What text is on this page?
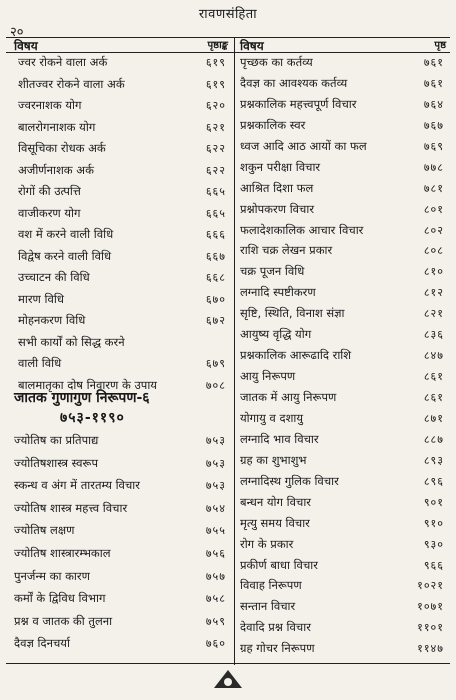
रावणसंहिता
२०
विषय	पृष्ठाङ्क
ज्वर रोकने वाला अर्क	६१९
शीतज्वर रोकने वाला अर्क	६१९
ज्वरनाशक योग	६२०
बालरोगनाशक योग	६२१
विसूचिका रोधक अर्क	६२२
अजीर्णनाशक अर्क	६२२
रोगों की उत्पत्ति	६६५
वाजीकरण योग	६६५
वश में करने वाली विधि	६६६
विद्वेष करने वाली विधि	६६७
उच्चाटन की विधि	६६८
मारण विधि	६७०
मोहनकरण विधि	६७२
सभी कार्यों को सिद्ध करने
वाली विधि	६७९
बालमातृका दोष निवारण के उपाय	७०८
जातक गुणागुण निरूपण-६
७५३-११९०
ज्योतिष का प्रतिपाद्य	७५३
ज्योतिषशास्त्र स्वरूप	७५३
स्कन्ध व अंग में तारतम्य विचार	७५३
ज्योतिष शास्त्र महत्त्व विचार	७५४
ज्योतिष लक्षण	७५५
ज्योतिष शास्त्रारम्भकाल	७५६
पुनर्जन्म का कारण	७५७
कर्मों के द्विविध विभाग	७५८
प्रश्न व जातक की तुलना	७५९
दैवज्ञ दिनचर्या	७६०
विषय	पृष्ठ
पृच्छक का कर्तव्य	७६१
दैवज्ञ का आवश्यक कर्तव्य	७६१
प्रश्नकालिक महत्त्वपूर्ण विचार	७६४
प्रश्नकालिक स्वर	७६७
ध्वज आदि आठ आयों का फल	७६९
शकुन परीक्षा विचार	७७८
आश्रित दिशा फल	७८१
प्रश्नोपकरण विचार	८०१
फलादेशकालिक आचार विचार	८०२
राशि चक्र लेखन प्रकार	८०८
चक्र पूजन विधि	८१०
लग्नादि स्पष्टीकरण	८१२
सृष्टि, स्थिति, विनाश संज्ञा	८२१
आयुष्य वृद्धि योग	८३६
प्रश्नकालिक आरूढादि राशि	८४७
आयु निरूपण	८६१
जातक में आयु निरूपण	८६१
योगायु व दशायु	८७१
लग्नादि भाव विचार	८८७
ग्रह का शुभाशुभ	८९३
लग्नादिस्थ गुलिक विचार	८९६
बन्धन योग विचार	९०१
मृत्यु समय विचार	९१०
रोग के प्रकार	९३०
प्रकीर्ण बाधा विचार	९६६
विवाह निरूपण	१०२१
सन्तान विचार	१०७१
देवादि प्रश्न विचार	११०१
ग्रह गोचर निरूपण	११४७
